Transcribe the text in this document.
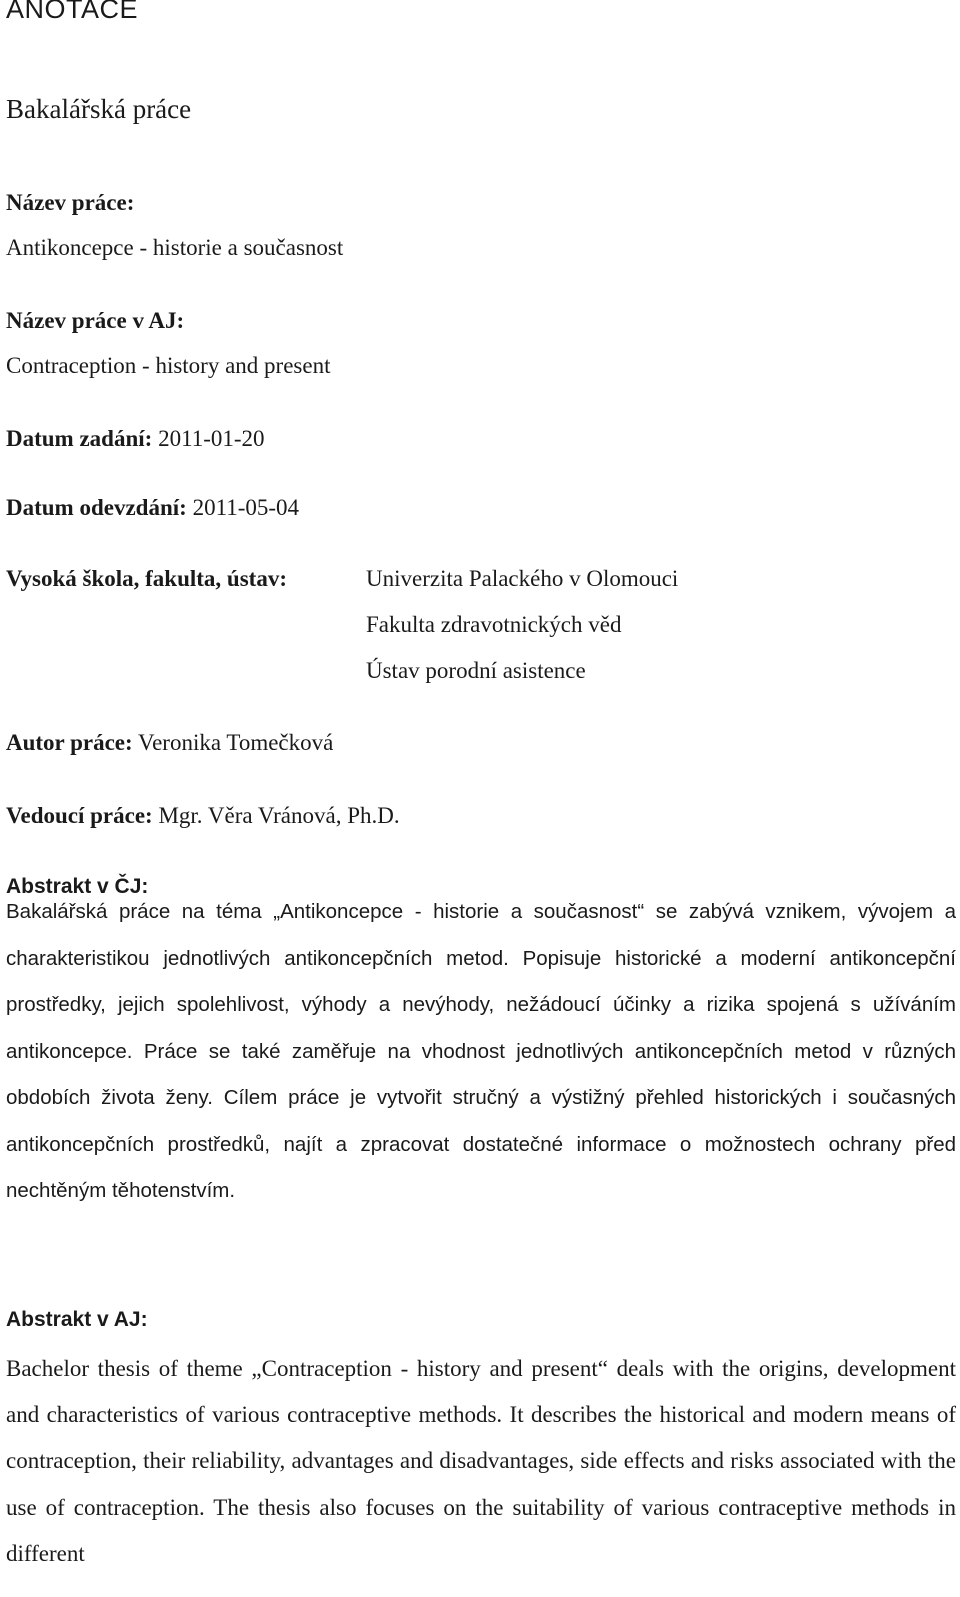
ANOTACE
Bakalářská práce
Název práce:
Antikoncepce - historie a současnost
Název práce v AJ:
Contraception - history and present
Datum zadání: 2011-01-20
Datum odevzdání: 2011-05-04
Vysoká škola, fakulta, ústav:	Univerzita Palackého v Olomouci
Fakulta zdravotnických věd
Ústav porodní asistence
Autor práce: Veronika Tomečková
Vedoucí práce: Mgr. Věra Vránová, Ph.D.
Abstrakt v ČJ:

Bakalářská práce na téma „Antikoncepce - historie a současnost“ se zabývá vznikem, vývojem a charakteristikou jednotlivých antikoncepčních metod. Popisuje historické a moderní antikoncepční prostředky, jejich spolehlivost, výhody a nevýhody, nežádoucí účinky a rizika spojená s užíváním antikoncepce. Práce se také zaměřuje na vhodnost jednotlivých antikoncepčních metod v různých obdobích života ženy. Cílem práce je vytvořit stručný a výstižný přehled historických i současných antikoncepčních prostředků, najít a zpracovat dostatečné informace o možnostech ochrany před nechtěným těhotenstvím.

Abstrakt v AJ:

Bachelor thesis of theme „Contraception - history and present“ deals with the origins, development and characteristics of various contraceptive methods. It describes the historical and modern means of contraception, their reliability, advantages and disadvantages, side effects and risks associated with the use of contraception. The thesis also focuses on the suitability of various contraceptive methods in different
